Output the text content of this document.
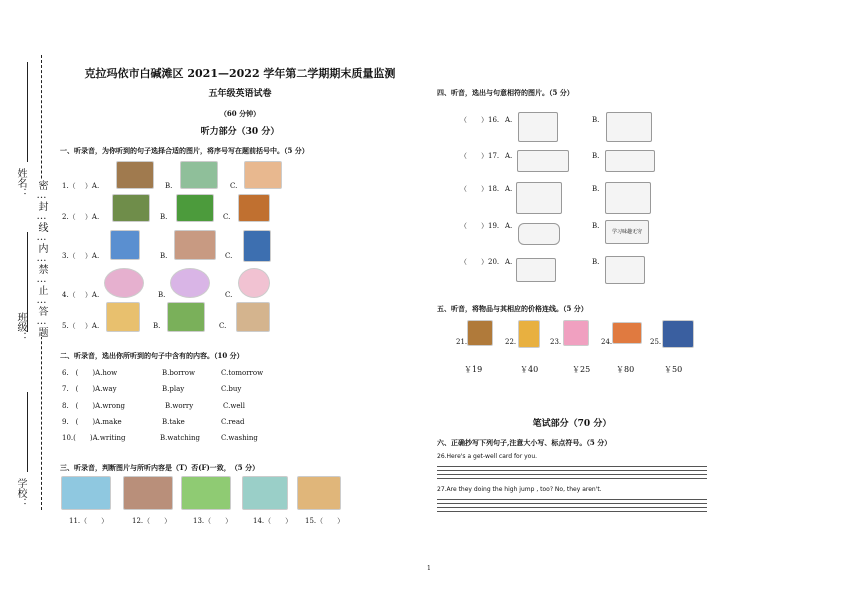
姓名：
班级：
学校：
密…封…线…内…禁…止…答…题
克拉玛依市白碱滩区 2021—2022 学年第二学期期末质量监测
五年级英语试卷
（60 分钟）
听力部分（30 分）
一、听录音，为你听到的句子选择合适的图片，将序号写在题前括号中。（5 分）
1.（　 ）A.	B.	C.
2.（　 ）A.	B.	C.
3.（　 ）A.	B.	C.
4.（　 ）A.	B.	C.
5.（　 ）A.	B.	C.
二、听录音，选出你所听到的句子中含有的内容。（10 分）
6.　(　　)A.how	B.borrow	C.tomorrow
7.　(　　)A.way	B.play	C.buy
8.　(　　)A.wrong	B.worry	C.well
9.　(　　)A.make	B.take	C.read
10.(　　)A.writing	B.watching	C.washing
三、听录音，判断图片与所听内容是（T）否(F)一致，　（5 分）
11.（　　）	12.（　　）	13.（　　）	14.（　　） 15.（　　）
四、听音，选出与句意相符的图片。（5 分）
（　　）16. A.	B.
（　　）17. A.	B.
（　　）18. A.	B.
（　　）19. A.	B.
学习味趣无穷
（　　）20. A.	B.
五、听音，将物品与其相应的价格连线。（5 分）
21.	22.	23.	24.	25.
￥19	￥40	￥25	￥80	￥50
笔试部分（70 分）
六、正确抄写下列句子,注意大小写、标点符号。（5 分）
26.Here's a get-well card for you.
27.Are they doing the high jump , too? No, they aren't.
1
